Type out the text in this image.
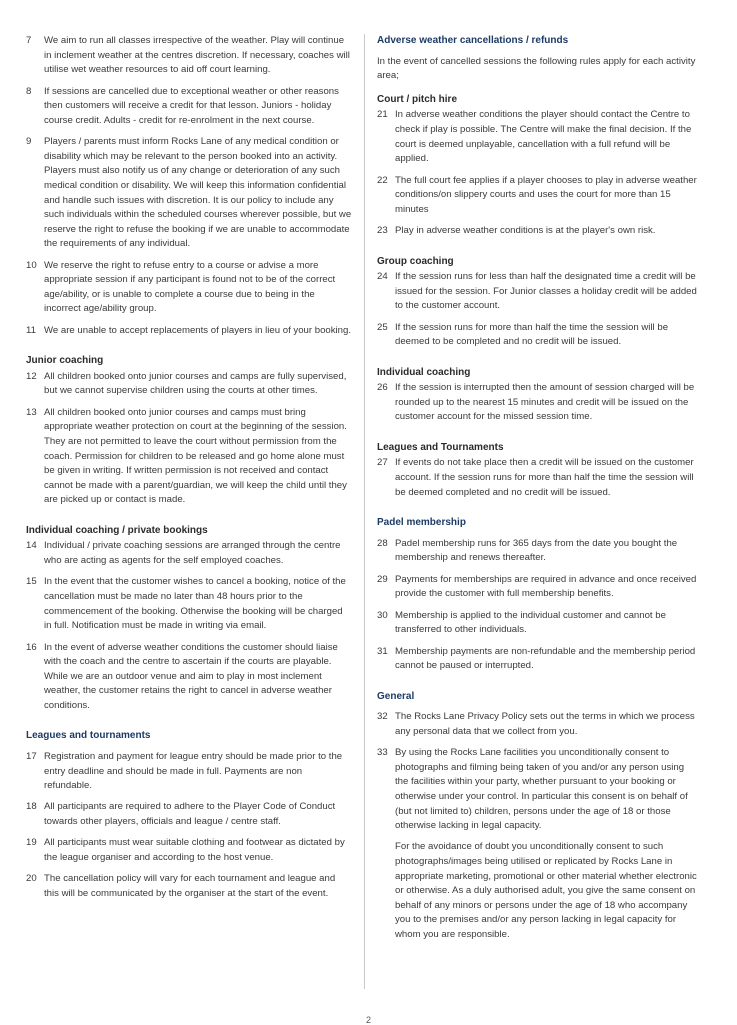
7 We aim to run all classes irrespective of the weather. Play will continue in inclement weather at the centres discretion. If necessary, coaches will utilise wet weather resources to aid off court learning.
8 If sessions are cancelled due to exceptional weather or other reasons then customers will receive a credit for that lesson. Juniors - holiday course credit. Adults - credit for re-enrolment in the next course.
9 Players / parents must inform Rocks Lane of any medical condition or disability which may be relevant to the person booked into an activity. Players must also notify us of any change or deterioration of any such medical condition or disability. We will keep this information confidential and handle such issues with discretion. It is our policy to include any such individuals within the scheduled courses wherever possible, but we reserve the right to refuse the booking if we are unable to accommodate the requirements of any individual.
10 We reserve the right to refuse entry to a course or advise a more appropriate session if any participant is found not to be of the correct age/ability, or is unable to complete a course due to being in the incorrect age/ability group.
11 We are unable to accept replacements of players in lieu of your booking.
Junior coaching
12 All children booked onto junior courses and camps are fully supervised, but we cannot supervise children using the courts at other times.
13 All children booked onto junior courses and camps must bring appropriate weather protection on court at the beginning of the session. They are not permitted to leave the court without permission from the coach. Permission for children to be released and go home alone must be given in writing. If written permission is not received and contact cannot be made with a parent/guardian, we will keep the child until they are picked up or contact is made.
Individual coaching / private bookings
14 Individual / private coaching sessions are arranged through the centre who are acting as agents for the self employed coaches.
15 In the event that the customer wishes to cancel a booking, notice of the cancellation must be made no later than 48 hours prior to the commencement of the booking. Otherwise the booking will be charged in full. Notification must be made in writing via email.
16 In the event of adverse weather conditions the customer should liaise with the coach and the centre to ascertain if the courts are playable. While we are an outdoor venue and aim to play in most inclement weather, the customer retains the right to cancel in adverse weather conditions.
Leagues and tournaments
17 Registration and payment for league entry should be made prior to the entry deadline and should be made in full. Payments are non refundable.
18 All participants are required to adhere to the Player Code of Conduct towards other players, officials and league / centre staff.
19 All participants must wear suitable clothing and footwear as dictated by the league organiser and according to the host venue.
20 The cancellation policy will vary for each tournament and league and this will be communicated by the organiser at the start of the event.
Adverse weather cancellations / refunds

In the event of cancelled sessions the following rules apply for each activity area;

Court / pitch hire
21 In adverse weather conditions the player should contact the Centre to check if play is possible. The Centre will make the final decision. If the court is deemed unplayable, cancellation with a full refund will be applied.
22 The full court fee applies if a player chooses to play in adverse weather conditions/on slippery courts and uses the court for more than 15 minutes
23 Play in adverse weather conditions is at the player's own risk.
Group coaching
24 If the session runs for less than half the designated time a credit will be issued for the session. For Junior classes a holiday credit will be added to the customer account.
25 If the session runs for more than half the time the session will be deemed to be completed and no credit will be issued.
Individual coaching
26 If the session is interrupted then the amount of session charged will be rounded up to the nearest 15 minutes and credit will be issued on the customer account for the missed session time.
Leagues and Tournaments
27 If events do not take place then a credit will be issued on the customer account. If the session runs for more than half the time the session will be deemed completed and no credit will be issued.
Padel membership
28 Padel membership runs for 365 days from the date you bought the membership and renews thereafter.
29 Payments for memberships are required in advance and once received provide the customer with full membership benefits.
30 Membership is applied to the individual customer and cannot be transferred to other individuals.
31 Membership payments are non-refundable and the membership period cannot be paused or interrupted.
General
32 The Rocks Lane Privacy Policy sets out the terms in which we process any personal data that we collect from you.
33 By using the Rocks Lane facilities you unconditionally consent to photographs and filming being taken of you and/or any person using the facilities within your party, whether pursuant to your booking or otherwise under your control. In particular this consent is on behalf of (but not limited to) children, persons under the age of 18 or those otherwise lacking in legal capacity.

For the avoidance of doubt you unconditionally consent to such photographs/images being utilised or replicated by Rocks Lane in appropriate marketing, promotional or other material whether electronic or otherwise. As a duly authorised adult, you give the same consent on behalf of any minors or persons under the age of 18 who accompany you to the premises and/or any person lacking in legal capacity for whom you are responsible.

2
